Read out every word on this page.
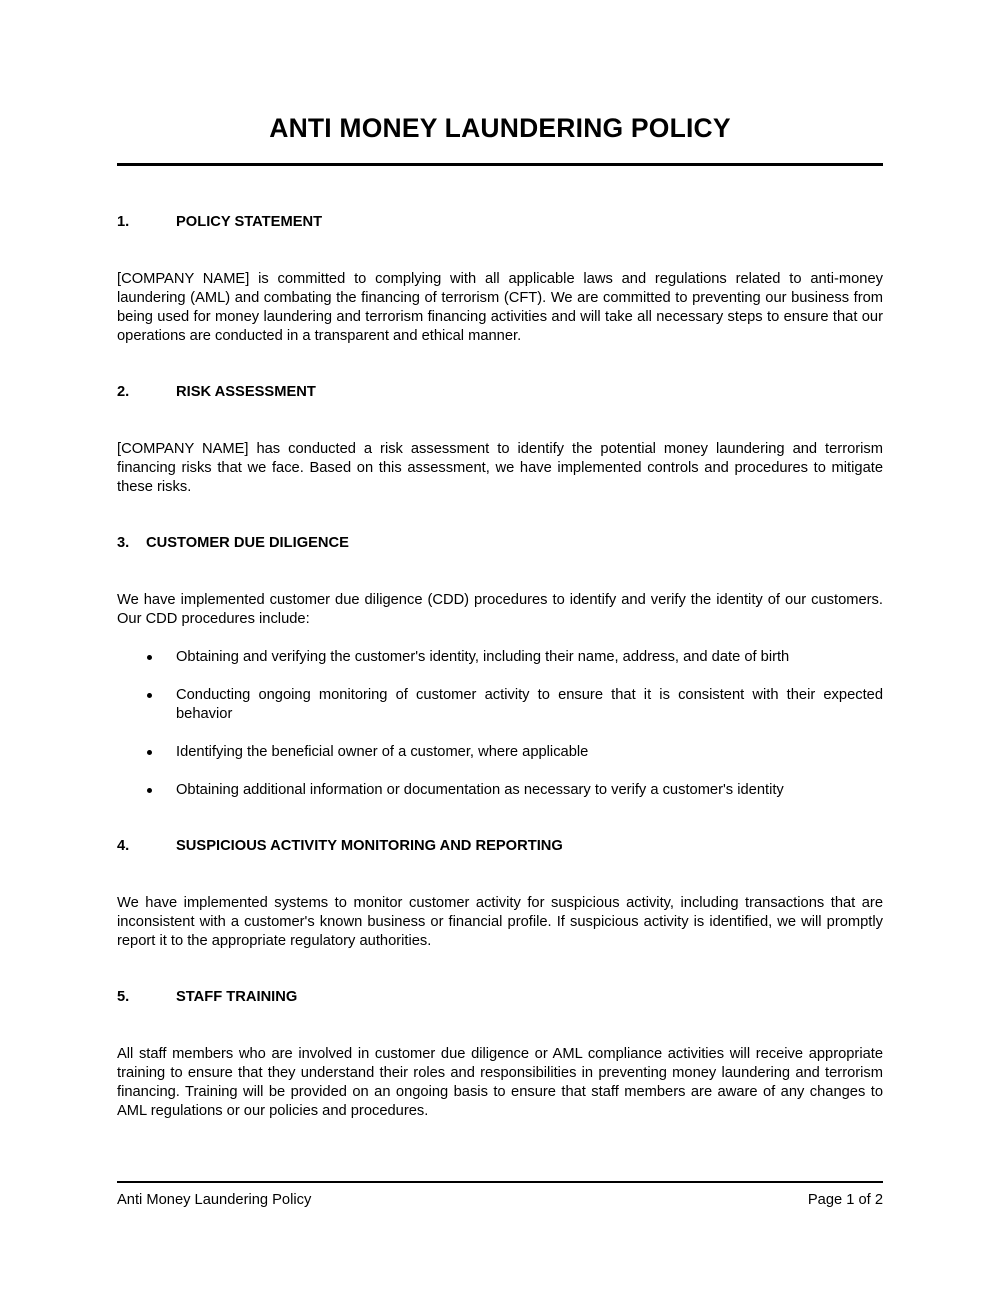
ANTI MONEY LAUNDERING POLICY
1.	POLICY STATEMENT

[COMPANY NAME] is committed to complying with all applicable laws and regulations related to anti-money laundering (AML) and combating the financing of terrorism (CFT). We are committed to preventing our business from being used for money laundering and terrorism financing activities and will take all necessary steps to ensure that our operations are conducted in a transparent and ethical manner.

2.	RISK ASSESSMENT

[COMPANY NAME] has conducted a risk assessment to identify the potential money laundering and terrorism financing risks that we face. Based on this assessment, we have implemented controls and procedures to mitigate these risks.

3.	CUSTOMER DUE DILIGENCE

We have implemented customer due diligence (CDD) procedures to identify and verify the identity of our customers. Our CDD procedures include:

Obtaining and verifying the customer's identity, including their name, address, and date of birth
Conducting ongoing monitoring of customer activity to ensure that it is consistent with their expected behavior
Identifying the beneficial owner of a customer, where applicable
Obtaining additional information or documentation as necessary to verify a customer's identity
4.	SUSPICIOUS ACTIVITY MONITORING AND REPORTING

We have implemented systems to monitor customer activity for suspicious activity, including transactions that are inconsistent with a customer's known business or financial profile. If suspicious activity is identified, we will promptly report it to the appropriate regulatory authorities.

5.	STAFF TRAINING

All staff members who are involved in customer due diligence or AML compliance activities will receive appropriate training to ensure that they understand their roles and responsibilities in preventing money laundering and terrorism financing. Training will be provided on an ongoing basis to ensure that staff members are aware of any changes to AML regulations or our policies and procedures.

Anti Money Laundering Policy	Page 1 of 2
